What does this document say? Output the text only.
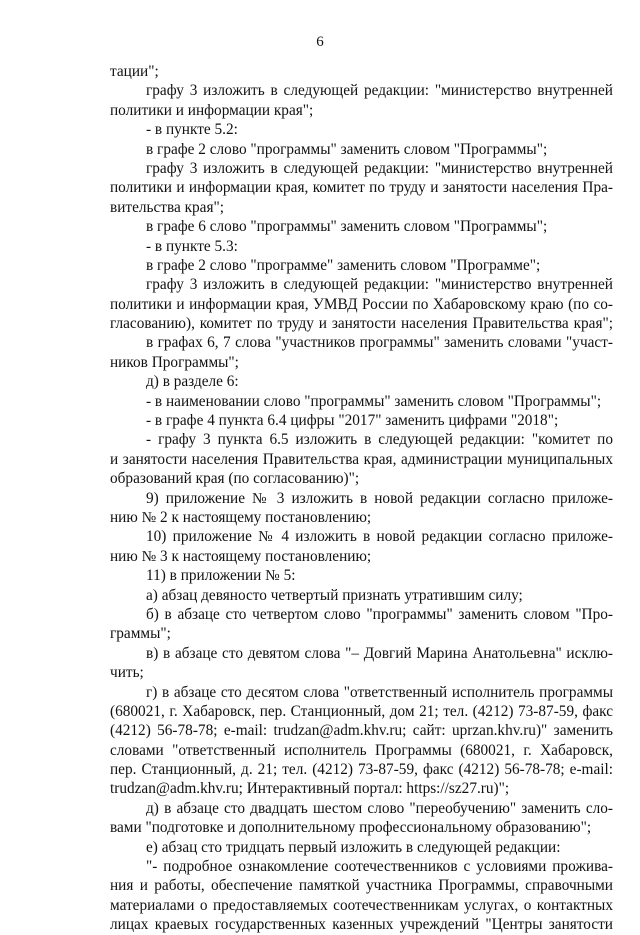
6
тации";
графу 3 изложить в следующей редакции: "министерство внутренней
политики и информации края";
- в пункте 5.2:
в графе 2 слово "программы" заменить словом "Программы";
графу 3 изложить в следующей редакции: "министерство внутренней
политики и информации края, комитет по труду и занятости населения Пра-
вительства края";
в графе 6 слово "программы" заменить словом "Программы";
- в пункте 5.3:
в графе 2 слово "программе" заменить словом "Программе";
графу 3 изложить в следующей редакции: "министерство внутренней
политики и информации края, УМВД России по Хабаровскому краю (по со-
гласованию), комитет по труду и занятости населения Правительства края";
в графах 6, 7 слова "участников программы" заменить словами "участ-
ников Программы";
д) в разделе 6:
- в наименовании слово "программы" заменить словом "Программы";
- в графе 4 пункта 6.4 цифры "2017" заменить цифрами "2018";
- графу 3 пункта 6.5 изложить в следующей редакции: "комитет по
и занятости населения Правительства края, администрации муниципальных
образований края (по согласованию)";
9) приложение № 3 изложить в новой редакции согласно приложе-
нию № 2 к настоящему постановлению;
10) приложение № 4 изложить в новой редакции согласно приложе-
нию № 3 к настоящему постановлению;
11) в приложении № 5:
а) абзац девяносто четвертый признать утратившим силу;
б) в абзаце сто четвертом слово "программы" заменить словом "Про-
граммы";
в) в абзаце сто девятом слова "– Довгий Марина Анатольевна" исклю-
чить;
г) в абзаце сто десятом слова "ответственный исполнитель программы
(680021, г. Хабаровск, пер. Станционный, дом 21; тел. (4212) 73-87-59, факс
(4212) 56-78-78; e-mail: trudzan@adm.khv.ru; сайт: uprzan.khv.ru)" заменить
словами "ответственный исполнитель Программы (680021, г. Хабаровск,
пер. Станционный, д. 21; тел. (4212) 73-87-59, факс (4212) 56-78-78; e-mail:
trudzan@adm.khv.ru; Интерактивный портал: https://sz27.ru)";
д) в абзаце сто двадцать шестом слово "переобучению" заменить сло-
вами "подготовке и дополнительному профессиональному образованию";
е) абзац сто тридцать первый изложить в следующей редакции:
"- подробное ознакомление соотечественников с условиями прожива-
ния и работы, обеспечение памяткой участника Программы, справочными
материалами о предоставляемых соотечественникам услугах, о контактных
лицах краевых государственных казенных учреждений "Центры занятости
